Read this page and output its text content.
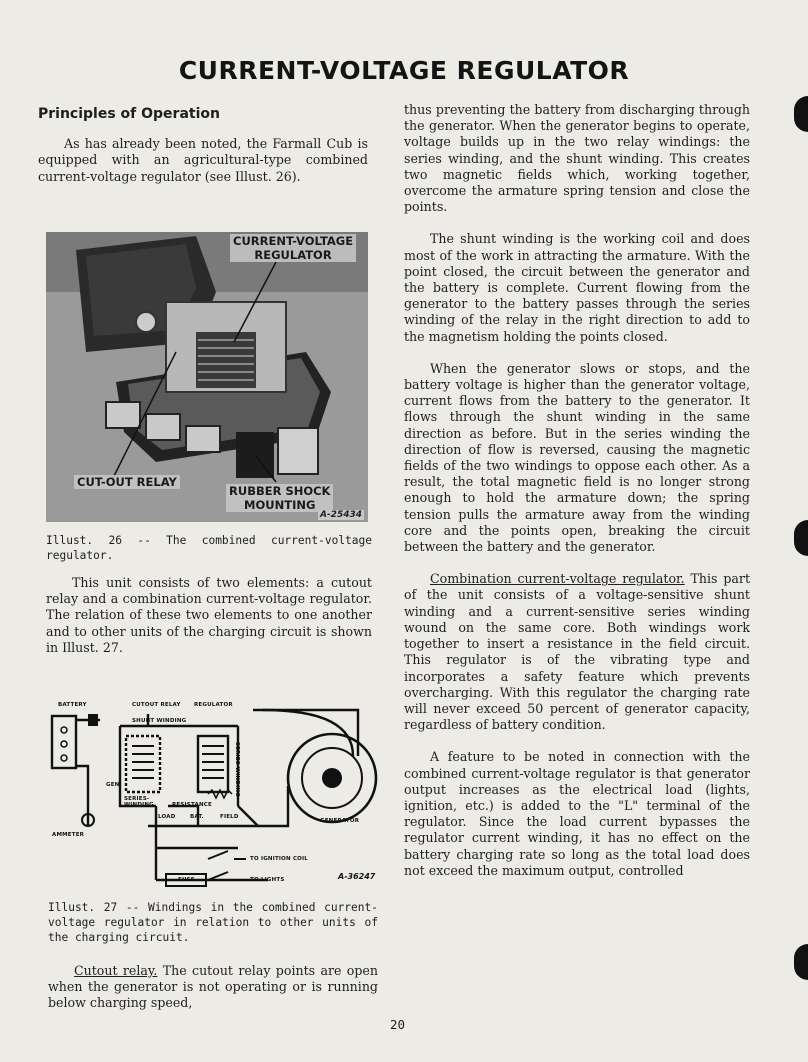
CURRENT-VOLTAGE REGULATOR
Principles of Operation

As has already been noted, the Farmall Cub is equipped with an agricultural-type combined current-voltage regulator (see Illust. 26).

CURRENT-VOLTAGE
REGULATOR
CUT-OUT RELAY
RUBBER SHOCK
MOUNTING
A-25434

Illust. 26 -- The combined current-voltage regulator.

This unit consists of two elements: a cutout relay and a combination current-voltage regulator. The relation of these two elements to one another and to other units of the charging circuit is shown in Illust. 27.

BATTERY	CUTOUT RELAY REGULATOR
SHUNT WINDING
SERIES WINDING
GEN.
SERIES-
WINDING	RESISTANCE
AMMETER
LOAD	BAT.	FIELD
GENERATOR
TO IGNITION COIL
FUSE	TO LIGHTS	A-36247

Illust. 27 -- Windings in the combined current-voltage regulator in relation to other units of the charging circuit.

Cutout relay. The cutout relay points are open when the generator is not operating or is running below charging speed,

thus preventing the battery from discharging through the generator. When the generator begins to operate, voltage builds up in the two relay windings: the series winding, and the shunt winding. This creates two magnetic fields which, working together, overcome the armature spring tension and close the points.

The shunt winding is the working coil and does most of the work in attracting the armature. With the point closed, the circuit between the generator and the battery is complete. Current flowing from the generator to the battery passes through the series winding of the relay in the right direction to add to the magnetism holding the points closed.

When the generator slows or stops, and the battery voltage is higher than the generator voltage, current flows from the battery to the generator. It flows through the shunt winding in the same direction as before. But in the series winding the direction of flow is reversed, causing the magnetic fields of the two windings to oppose each other. As a result, the total magnetic field is no longer strong enough to hold the armature down; the spring tension pulls the armature away from the winding core and the points open, breaking the circuit between the battery and the generator.

Combination current-voltage regulator. This part of the unit consists of a voltage-sensitive shunt winding and a current-sensitive series winding wound on the same core. Both windings work together to insert a resistance in the field circuit. This regulator is of the vibrating type and incorporates a safety feature which prevents overcharging. With this regulator the charging rate will never exceed 50 percent of generator capacity, regardless of battery condition.

A feature to be noted in connection with the combined current-voltage regulator is that generator output increases as the electrical load (lights, ignition, etc.) is added to the "L" terminal of the regulator. Since the load current bypasses the regulator current winding, it has no effect on the battery charging rate so long as the total load does not exceed the maximum output, controlled

20
